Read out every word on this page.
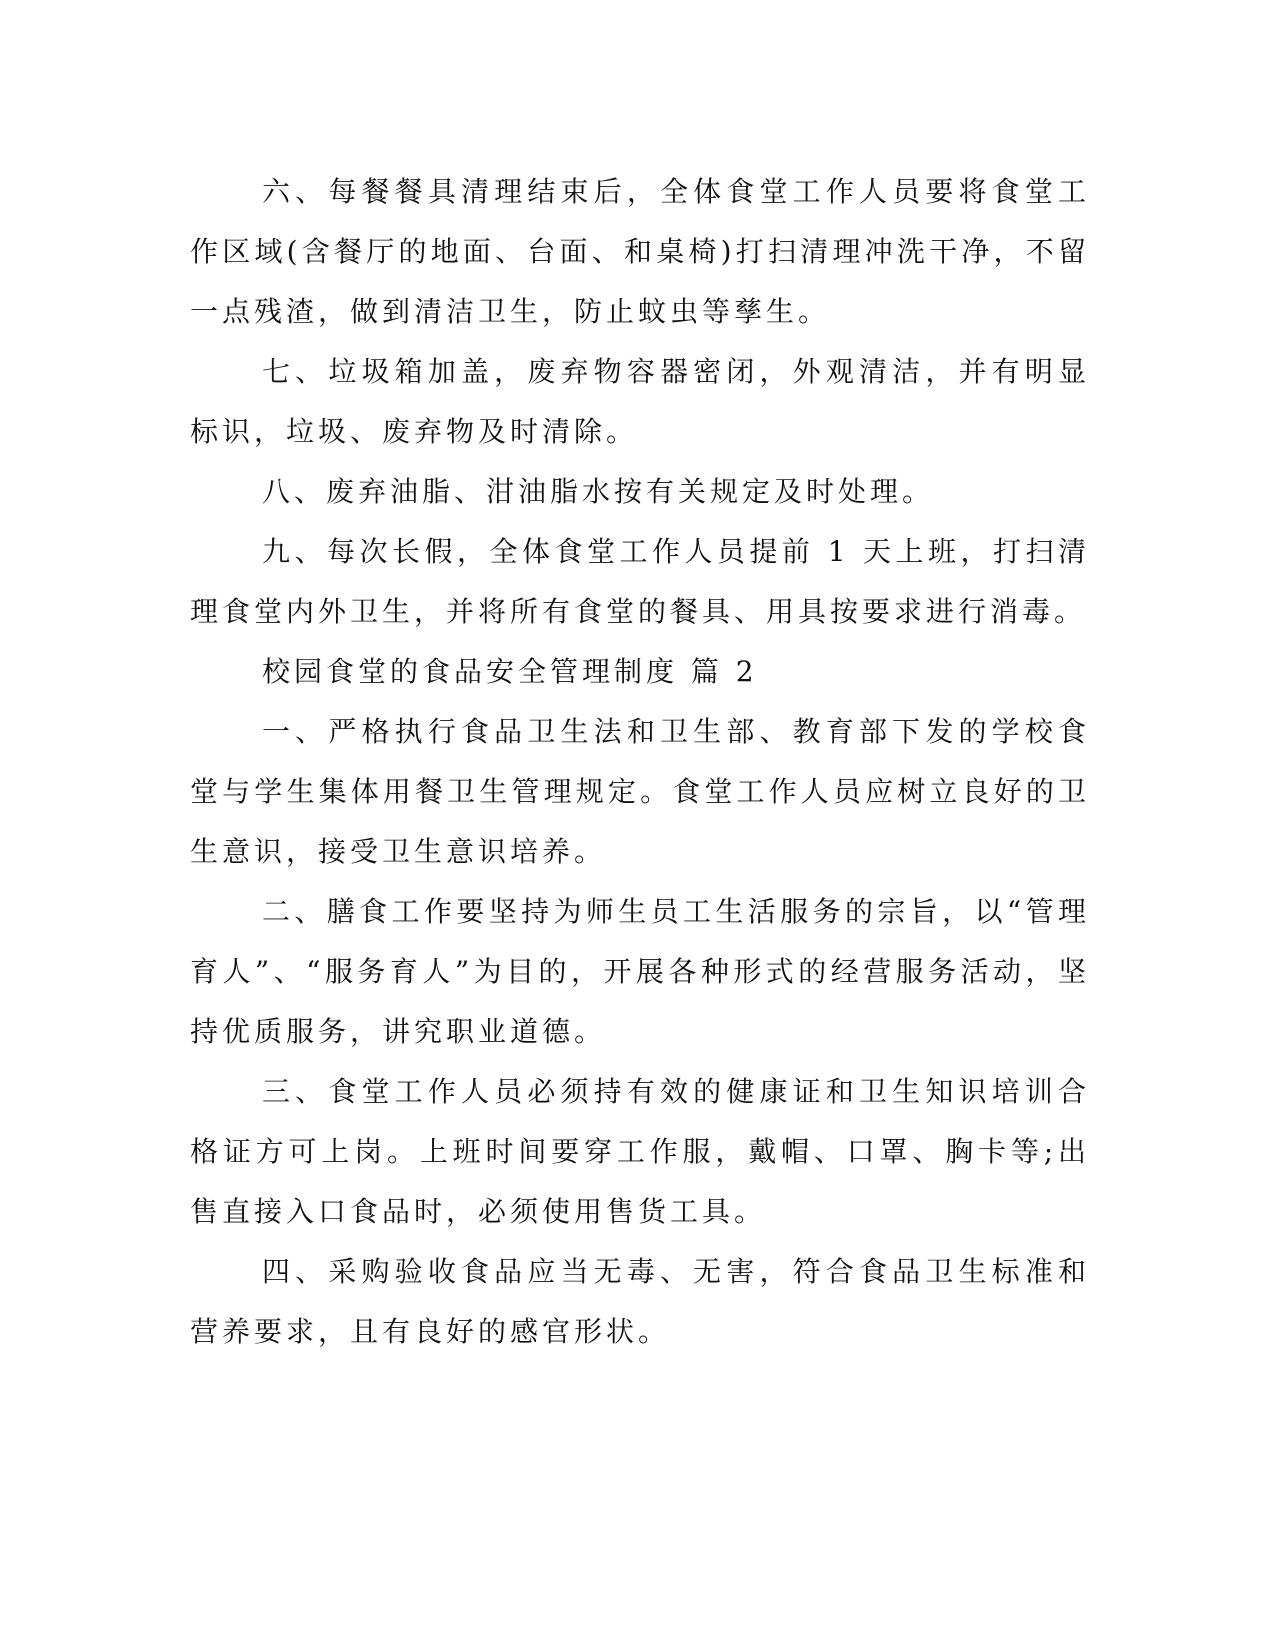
六、每餐餐具清理结束后，全体食堂工作人员要将食堂工作区域(含餐厅的地面、台面、和桌椅)打扫清理冲洗干净，不留一点残渣，做到清洁卫生，防止蚊虫等孳生。

七、垃圾箱加盖，废弃物容器密闭，外观清洁，并有明显标识，垃圾、废弃物及时清除。

八、废弃油脂、泔油脂水按有关规定及时处理。

九、每次长假，全体食堂工作人员提前 1 天上班，打扫清理食堂内外卫生，并将所有食堂的餐具、用具按要求进行消毒。

校园食堂的食品安全管理制度 篇 2

一、严格执行食品卫生法和卫生部、教育部下发的学校食堂与学生集体用餐卫生管理规定。食堂工作人员应树立良好的卫生意识，接受卫生意识培养。

二、膳食工作要坚持为师生员工生活服务的宗旨，以“管理育人”、“服务育人”为目的，开展各种形式的经营服务活动，坚持优质服务，讲究职业道德。

三、食堂工作人员必须持有效的健康证和卫生知识培训合格证方可上岗。上班时间要穿工作服，戴帽、口罩、胸卡等;出售直接入口食品时，必须使用售货工具。

四、采购验收食品应当无毒、无害，符合食品卫生标准和营养要求，且有良好的感官形状。
